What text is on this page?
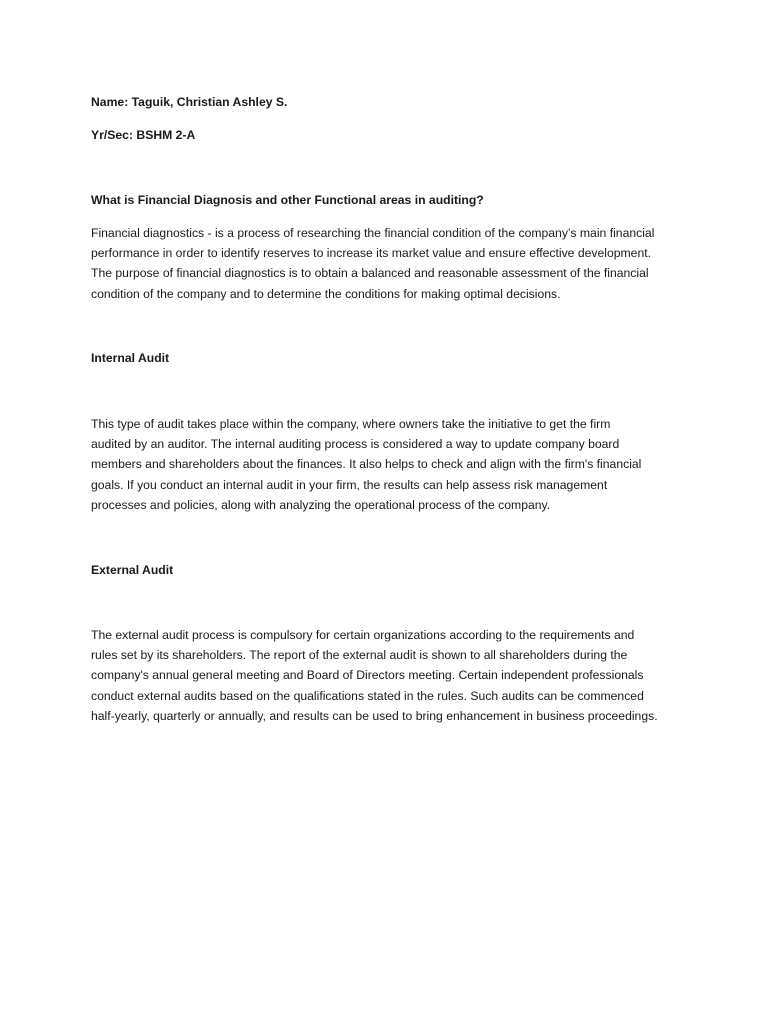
Name: Taguik, Christian Ashley S.

Yr/Sec: BSHM 2-A

What is Financial Diagnosis and other Functional areas in auditing?

Financial diagnostics - is a process of researching the financial condition of the company’s main financial
performance in order to identify reserves to increase its market value and ensure effective development.
The purpose of financial diagnostics is to obtain a balanced and reasonable assessment of the financial
condition of the company and to determine the conditions for making optimal decisions.

Internal Audit

This type of audit takes place within the company, where owners take the initiative to get the firm
audited by an auditor. The internal auditing process is considered a way to update company board
members and shareholders about the finances. It also helps to check and align with the firm's financial
goals. If you conduct an internal audit in your firm, the results can help assess risk management
processes and policies, along with analyzing the operational process of the company.

External Audit

The external audit process is compulsory for certain organizations according to the requirements and
rules set by its shareholders. The report of the external audit is shown to all shareholders during the
company's annual general meeting and Board of Directors meeting. Certain independent professionals
conduct external audits based on the qualifications stated in the rules. Such audits can be commenced
half-yearly, quarterly or annually, and results can be used to bring enhancement in business proceedings.
